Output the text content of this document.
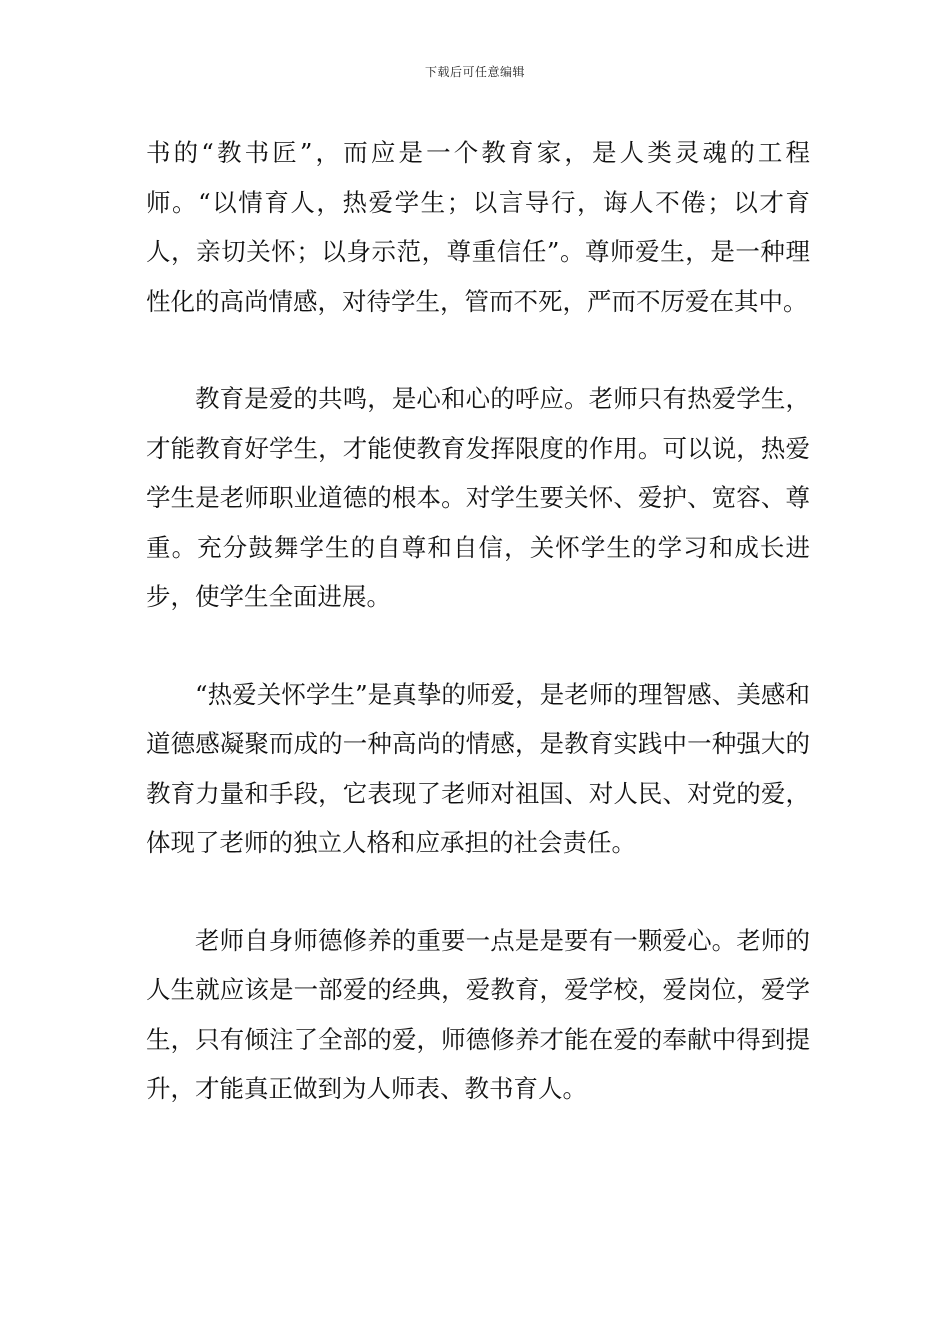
下载后可任意编辑

书的“教书匠”，而应是一个教育家，是人类灵魂的工程师。“以情育人，热爱学生；以言导行，诲人不倦；以才育人，亲切关怀；以身示范，尊重信任”。尊师爱生，是一种理性化的高尚情感，对待学生，管而不死，严而不厉爱在其中。

教育是爱的共鸣，是心和心的呼应。老师只有热爱学生，才能教育好学生，才能使教育发挥限度的作用。可以说，热爱学生是老师职业道德的根本。对学生要关怀、爱护、宽容、尊重。充分鼓舞学生的自尊和自信，关怀学生的学习和成长进步，使学生全面进展。

“热爱关怀学生”是真挚的师爱，是老师的理智感、美感和道德感凝聚而成的一种高尚的情感，是教育实践中一种强大的教育力量和手段，它表现了老师对祖国、对人民、对党的爱，体现了老师的独立人格和应承担的社会责任。

老师自身师德修养的重要一点是是要有一颗爱心。老师的人生就应该是一部爱的经典，爱教育，爱学校，爱岗位，爱学生，只有倾注了全部的爱，师德修养才能在爱的奉献中得到提升，才能真正做到为人师表、教书育人。
